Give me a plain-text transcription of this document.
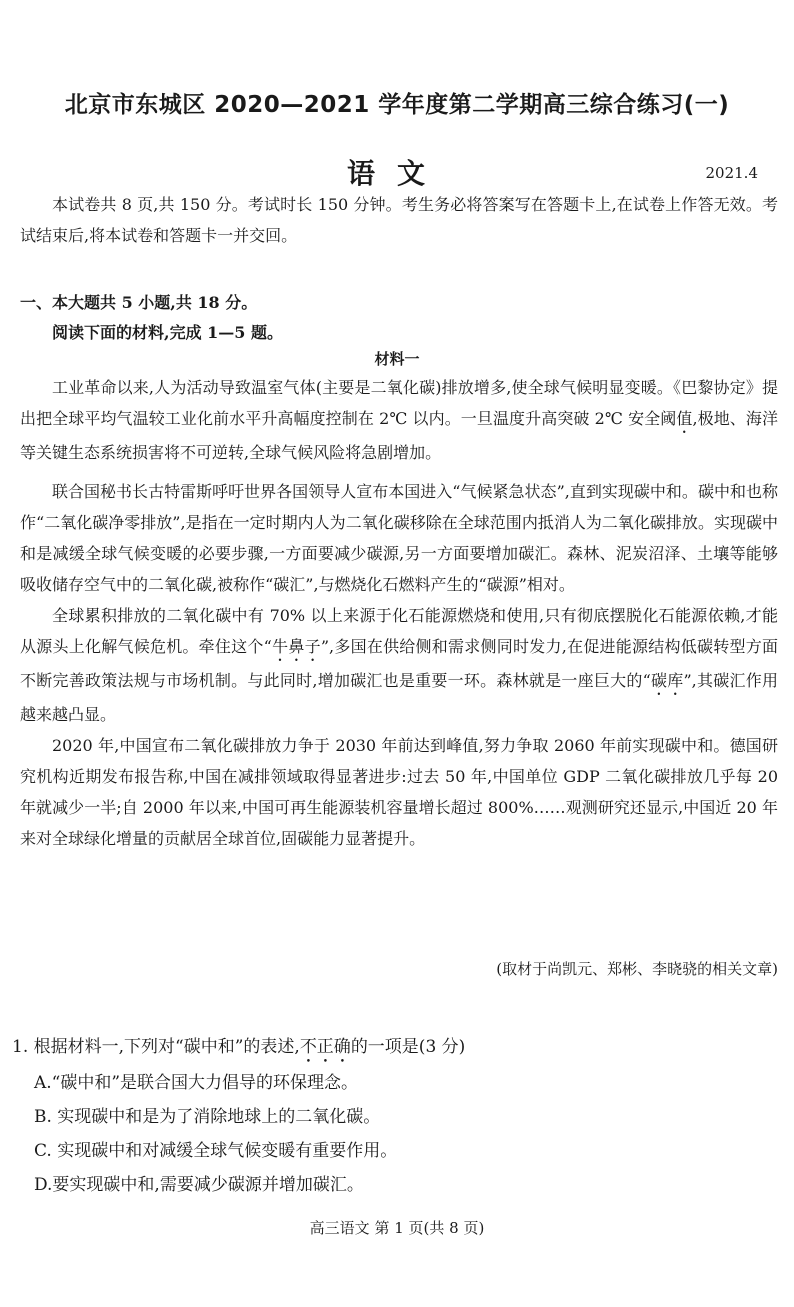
北京市东城区 2020—2021 学年度第二学期高三综合练习(一)
语文	2021.4

本试卷共 8 页,共 150 分。考试时长 150 分钟。考生务必将答案写在答题卡上,在试卷上作答无效。考试结束后,将本试卷和答题卡一并交回。

一、本大题共 5 小题,共 18 分。
阅读下面的材料,完成 1—5 题。
材料一

工业革命以来,人为活动导致温室气体(主要是二氧化碳)排放增多,使全球气候明显变暖。《巴黎协定》提出把全球平均气温较工业化前水平升高幅度控制在 2℃ 以内。一旦温度升高突破 2℃ 安全阈值,极地、海洋等关键生态系统损害将不可逆转,全球气候风险将急剧增加。

联合国秘书长古特雷斯呼吁世界各国领导人宣布本国进入“气候紧急状态”,直到实现碳中和。碳中和也称作“二氧化碳净零排放”,是指在一定时期内人为二氧化碳移除在全球范围内抵消人为二氧化碳排放。实现碳中和是减缓全球气候变暖的必要步骤,一方面要减少碳源,另一方面要增加碳汇。森林、泥炭沼泽、土壤等能够吸收储存空气中的二氧化碳,被称作“碳汇”,与燃烧化石燃料产生的“碳源”相对。

全球累积排放的二氧化碳中有 70% 以上来源于化石能源燃烧和使用,只有彻底摆脱化石能源依赖,才能从源头上化解气候危机。牵住这个“牛鼻子”,多国在供给侧和需求侧同时发力,在促进能源结构低碳转型方面不断完善政策法规与市场机制。与此同时,增加碳汇也是重要一环。森林就是一座巨大的“碳库”,其碳汇作用越来越凸显。

2020 年,中国宣布二氧化碳排放力争于 2030 年前达到峰值,努力争取 2060 年前实现碳中和。德国研究机构近期发布报告称,中国在减排领域取得显著进步:过去 50 年,中国单位 GDP 二氧化碳排放几乎每 20 年就减少一半;自 2000 年以来,中国可再生能源装机容量增长超过 800%……观测研究还显示,中国近 20 年来对全球绿化增量的贡献居全球首位,固碳能力显著提升。

(取材于尚凯元、郑彬、李晓骁的相关文章)
1. 根据材料一,下列对“碳中和”的表述,不正确的一项是(3 分)
A.“碳中和”是联合国大力倡导的环保理念。
B. 实现碳中和是为了消除地球上的二氧化碳。
C. 实现碳中和对减缓全球气候变暖有重要作用。
D.要实现碳中和,需要减少碳源并增加碳汇。
高三语文 第 1 页(共 8 页)
